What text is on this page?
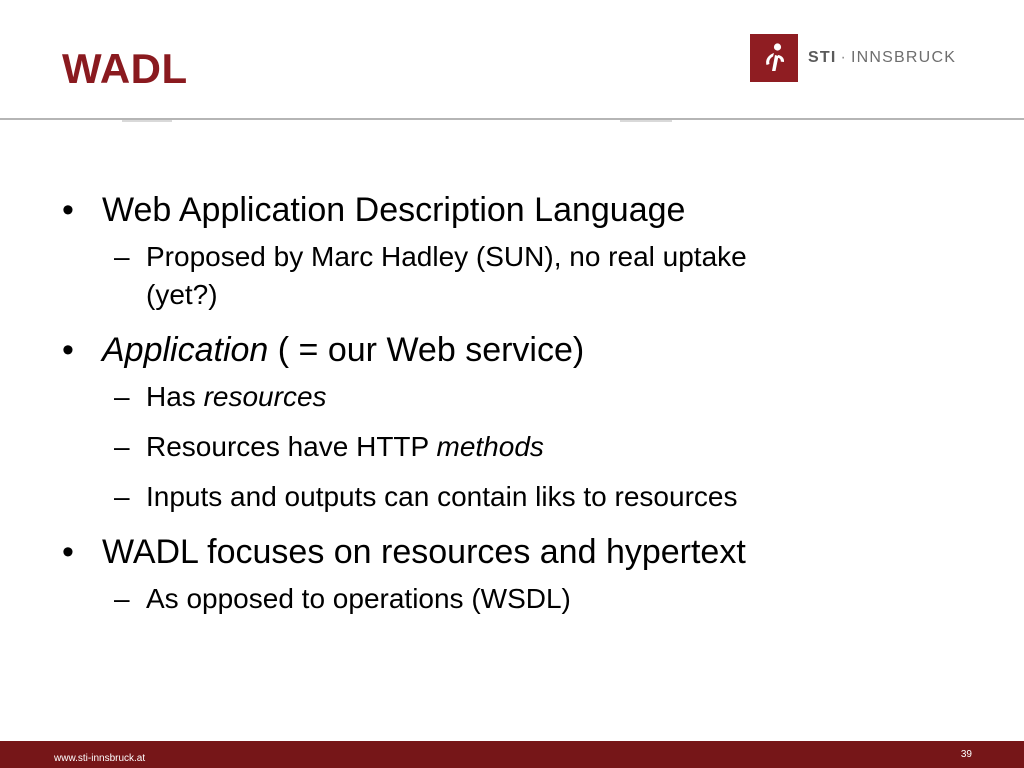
WADL	STI · INNSBRUCK
• Web Application Description Language
– Proposed by Marc Hadley (SUN), no real uptake
(yet?)
• Application ( = our Web service)
– Has resources
– Resources have HTTP methods
– Inputs and outputs can contain liks to resources
• WADL focuses on resources and hypertext
– As opposed to operations (WSDL)
www.sti-innsbruck.at	39
